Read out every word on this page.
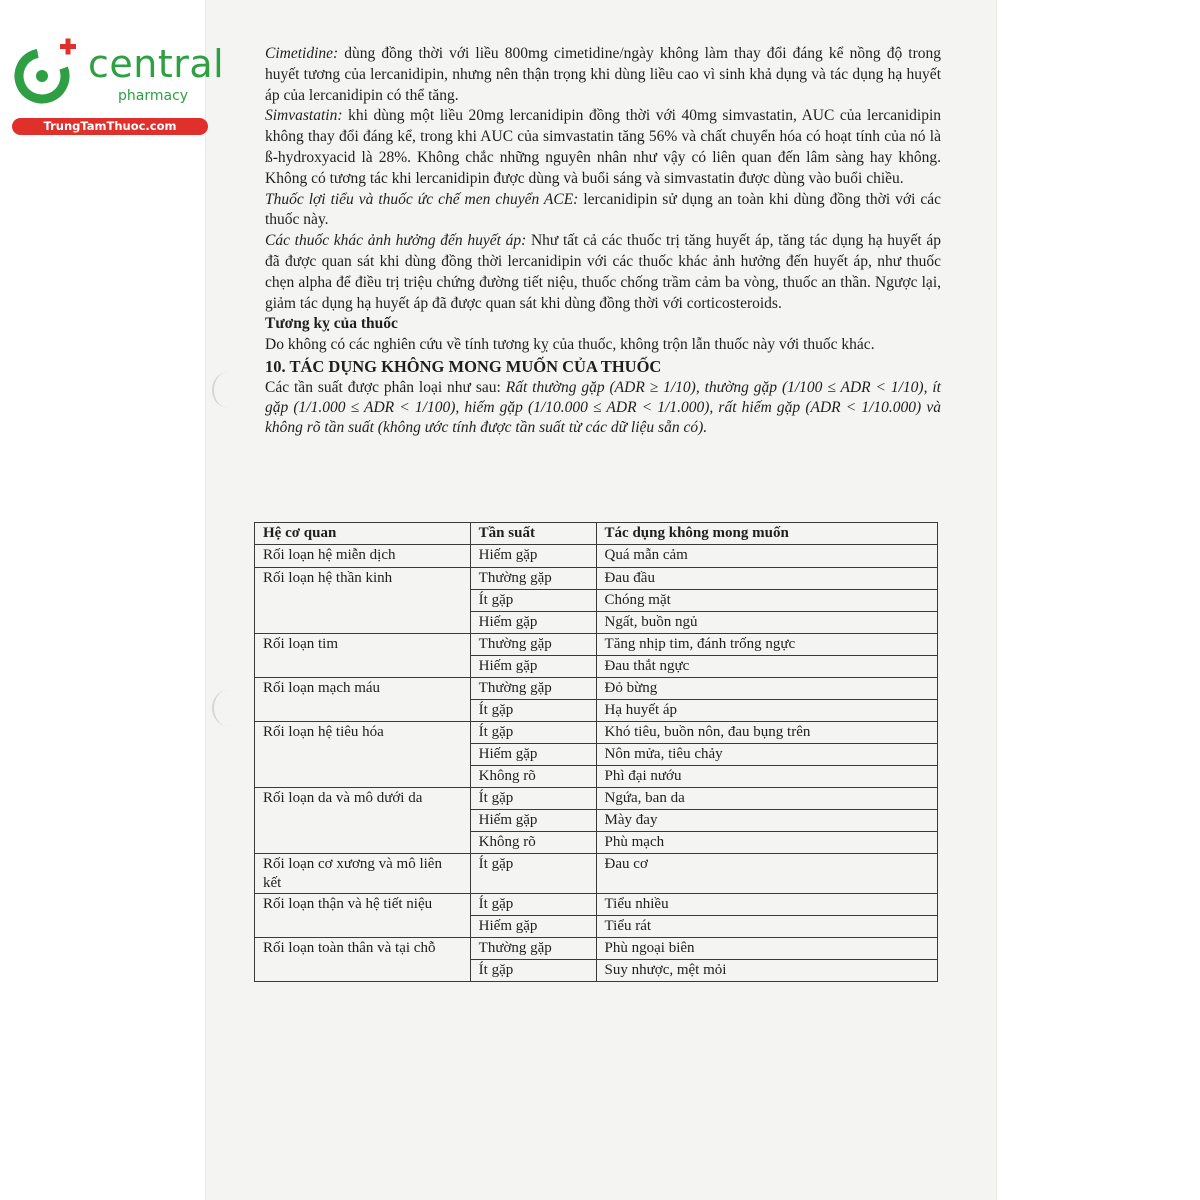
central
pharmacy
TrungTamThuoc.com

Cimetidine: dùng đồng thời với liều 800mg cimetidine/ngày không làm thay đổi đáng kể nồng độ trong huyết tương của lercanidipin, nhưng nên thận trọng khi dùng liều cao vì sinh khả dụng và tác dụng hạ huyết áp của lercanidipin có thể tăng.

Simvastatin: khi dùng một liều 20mg lercanidipin đồng thời với 40mg simvastatin, AUC của lercanidipin không thay đổi đáng kể, trong khi AUC của simvastatin tăng 56% và chất chuyển hóa có hoạt tính của nó là ß-hydroxyacid là 28%. Không chắc những nguyên nhân như vậy có liên quan đến lâm sàng hay không. Không có tương tác khi lercanidipin được dùng và buổi sáng và simvastatin được dùng vào buổi chiều.

Thuốc lợi tiểu và thuốc ức chế men chuyển ACE: lercanidipin sử dụng an toàn khi dùng đồng thời với các thuốc này.

Các thuốc khác ảnh hưởng đến huyết áp: Như tất cả các thuốc trị tăng huyết áp, tăng tác dụng hạ huyết áp đã được quan sát khi dùng đồng thời lercanidipin với các thuốc khác ảnh hưởng đến huyết áp, như thuốc chẹn alpha để điều trị triệu chứng đường tiết niệu, thuốc chống trầm cảm ba vòng, thuốc an thần. Ngược lại, giảm tác dụng hạ huyết áp đã được quan sát khi dùng đồng thời với corticosteroids.

Tương kỵ của thuốc

Do không có các nghiên cứu về tính tương kỵ của thuốc, không trộn lẫn thuốc này với thuốc khác.

10. TÁC DỤNG KHÔNG MONG MUỐN CỦA THUỐC

Các tần suất được phân loại như sau: Rất thường gặp (ADR ≥ 1/10), thường gặp (1/100 ≤ ADR < 1/10), ít gặp (1/1.000 ≤ ADR < 1/100), hiếm gặp (1/10.000 ≤ ADR < 1/1.000), rất hiếm gặp (ADR < 1/10.000) và không rõ tần suất (không ước tính được tần suất từ các dữ liệu sẵn có).

Hệ cơ quan	Tần suất	Tác dụng không mong muốn
Rối loạn hệ miễn dịch	Hiếm gặp	Quá mẫn cảm
Rối loạn hệ thần kinh	Thường gặp	Đau đầu
	Ít gặp	Chóng mặt
	Hiếm gặp	Ngất, buồn ngủ
Rối loạn tim	Thường gặp	Tăng nhịp tim, đánh trống ngực
	Hiếm gặp	Đau thắt ngực
Rối loạn mạch máu	Thường gặp	Đỏ bừng
	Ít gặp	Hạ huyết áp
Rối loạn hệ tiêu hóa	Ít gặp	Khó tiêu, buồn nôn, đau bụng trên
	Hiếm gặp	Nôn mửa, tiêu chảy
	Không rõ	Phì đại nướu
Rối loạn da và mô dưới da	Ít gặp	Ngứa, ban da
	Hiếm gặp	Mày đay
	Không rõ	Phù mạch
Rối loạn cơ xương và mô liên kết	Ít gặp	Đau cơ
Rối loạn thận và hệ tiết niệu	Ít gặp	Tiểu nhiều
	Hiếm gặp	Tiểu rát
Rối loạn toàn thân và tại chỗ	Thường gặp	Phù ngoại biên
	Ít gặp	Suy nhược, mệt mỏi
